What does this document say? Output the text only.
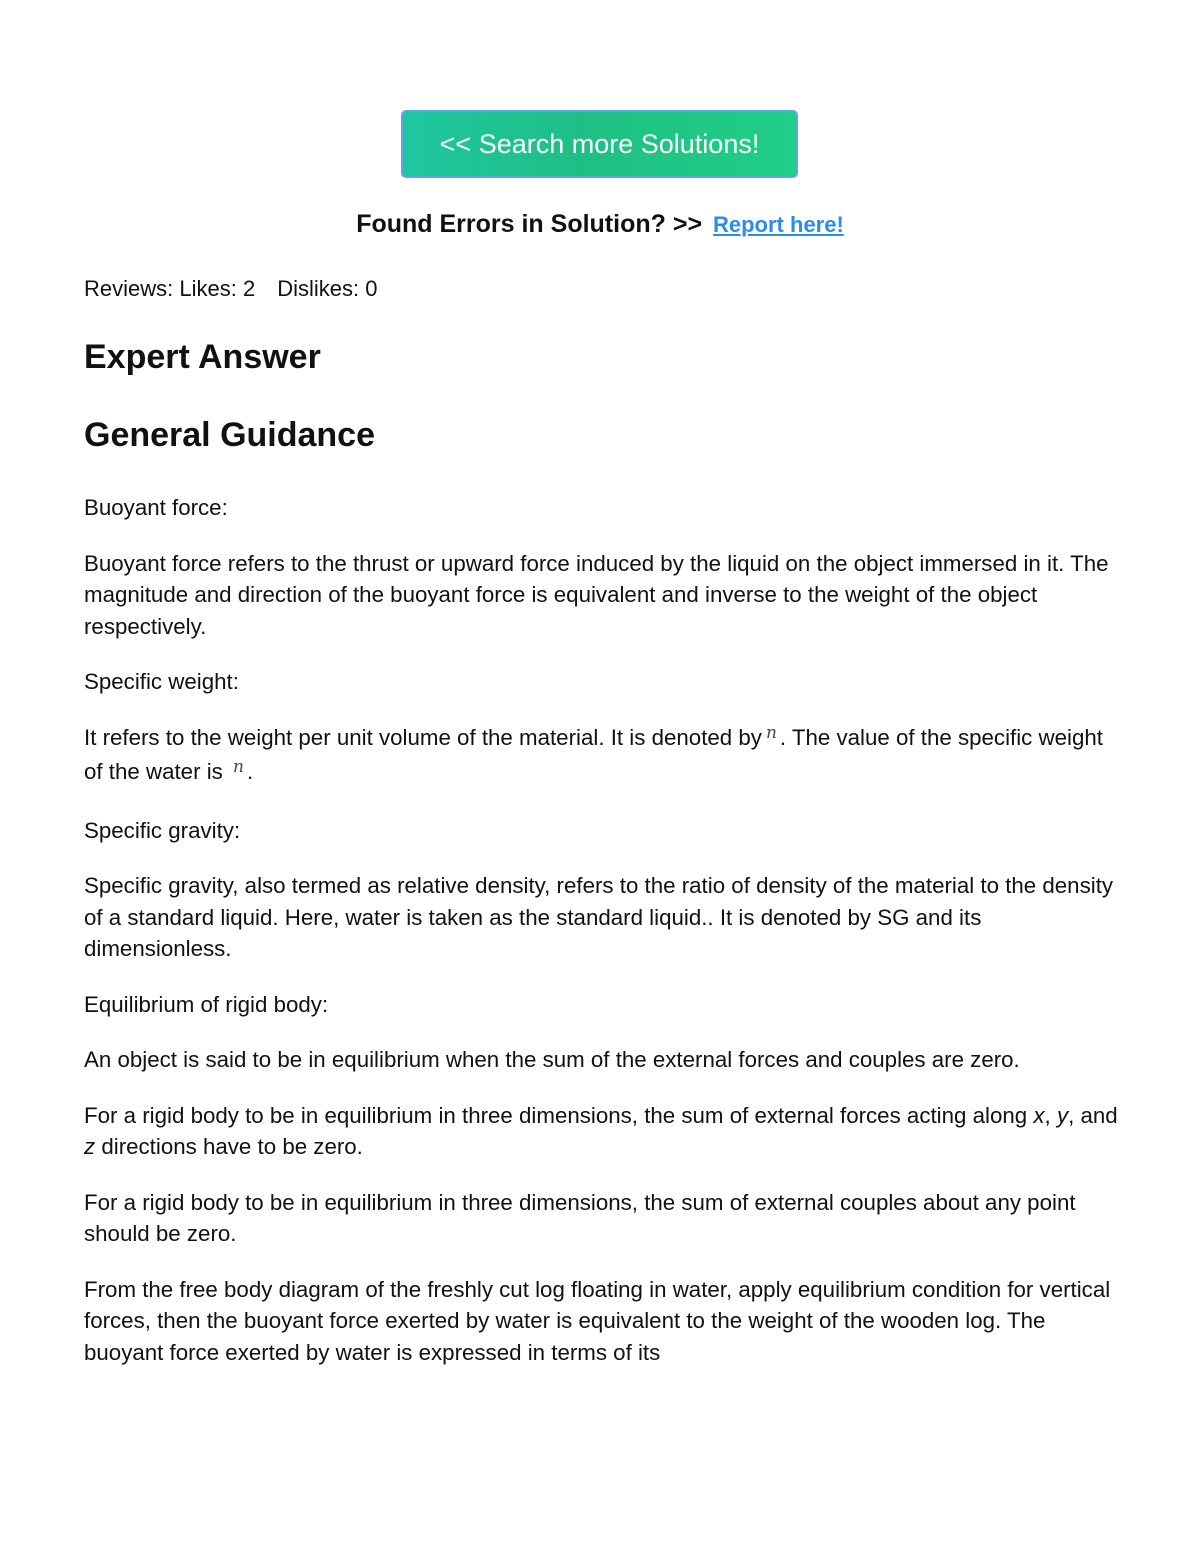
<< Search more Solutions!
Found Errors in Solution? >> Report here!
Reviews: Likes: 2 Dislikes: 0
Expert Answer
General Guidance

Buoyant force:

Buoyant force refers to the thrust or upward force induced by the liquid on the object immersed in it. The magnitude and direction of the buoyant force is equivalent and inverse to the weight of the object respectively.

Specific weight:

It refers to the weight per unit volume of the material. It is denoted by n . The value of the specific weight of the water is n .

Specific gravity:

Specific gravity, also termed as relative density, refers to the ratio of density of the material to the density of a standard liquid. Here, water is taken as the standard liquid.. It is denoted by SG and its dimensionless.

Equilibrium of rigid body:

An object is said to be in equilibrium when the sum of the external forces and couples are zero.

For a rigid body to be in equilibrium in three dimensions, the sum of external forces acting along x, y, and z directions have to be zero.

For a rigid body to be in equilibrium in three dimensions, the sum of external couples about any point should be zero.

From the free body diagram of the freshly cut log floating in water, apply equilibrium condition for vertical forces, then the buoyant force exerted by water is equivalent to the weight of the wooden log. The buoyant force exerted by water is expressed in terms of its
